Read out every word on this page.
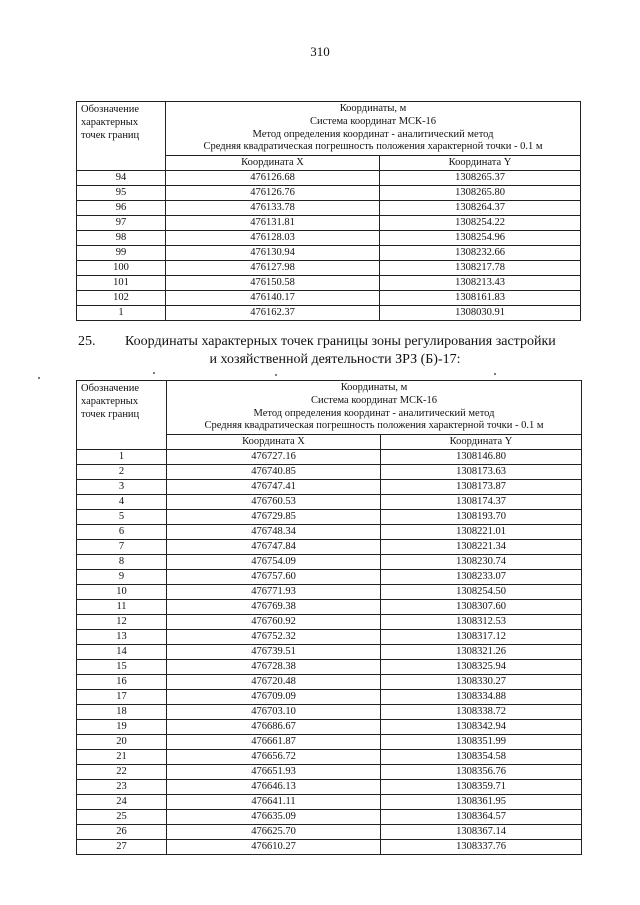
310
Обозначение характерных точек границ	Координаты, м
Система координат МСК-16
Метод определения координат - аналитический метод
Средняя квадратическая погрешность положения характерной точки - 0.1 м	

	Координата X	Координата Y
94	476126.68	1308265.37
95	476126.76	1308265.80
96	476133.78	1308264.37
97	476131.81	1308254.22
98	476128.03	1308254.96
99	476130.94	1308232.66
100	476127.98	1308217.78
101	476150.58	1308213.43
102	476140.17	1308161.83
1	476162.37	1308030.91
25. Координаты характерных точек границы зоны регулирования застройки
и хозяйственной деятельности ЗРЗ (Б)-17:
Обозначение характерных точек границ	Координаты, м
Система координат МСК-16
Метод определения координат - аналитический метод
Средняя квадратическая погрешность положения характерной точки - 0.1 м	

	Координата X	Координата Y
1	476727.16	1308146.80
2	476740.85	1308173.63
3	476747.41	1308173.87
4	476760.53	1308174.37
5	476729.85	1308193.70
6	476748.34	1308221.01
7	476747.84	1308221.34
8	476754.09	1308230.74
9	476757.60	1308233.07
10	476771.93	1308254.50
11	476769.38	1308307.60
12	476760.92	1308312.53
13	476752.32	1308317.12
14	476739.51	1308321.26
15	476728.38	1308325.94
16	476720.48	1308330.27
17	476709.09	1308334.88
18	476703.10	1308338.72
19	476686.67	1308342.94
20	476661.87	1308351.99
21	476656.72	1308354.58
22	476651.93	1308356.76
23	476646.13	1308359.71
24	476641.11	1308361.95
25	476635.09	1308364.57
26	476625.70	1308367.14
27	476610.27	1308337.76
